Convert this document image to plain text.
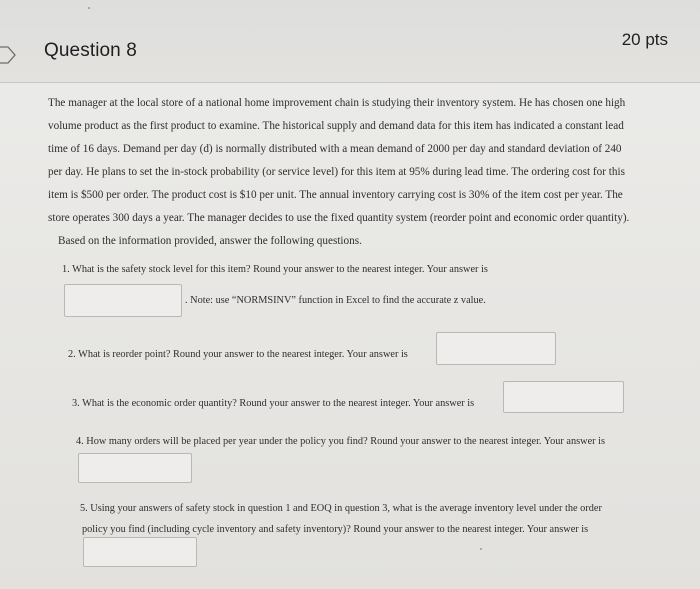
Question 8
20 pts
The manager at the local store of a national home improvement chain is studying their inventory system. He has chosen one high
volume product as the first product to examine. The historical supply and demand data for this item has indicated a constant lead
time of 16 days. Demand per day (d) is normally distributed with a mean demand of 2000 per day and standard deviation of 240
per day. He plans to set the in-stock probability (or service level) for this item at 95% during lead time. The ordering cost for this
item is $500 per order. The product cost is $10 per unit. The annual inventory carrying cost is 30% of the item cost per year. The
store operates 300 days a year. The manager decides to use the fixed quantity system (reorder point and economic order quantity).
Based on the information provided, answer the following questions.
1. What is the safety stock level for this item? Round your answer to the nearest integer. Your answer is
. Note: use “NORMSINV” function in Excel to find the accurate z value.
2. What is reorder point? Round your answer to the nearest integer. Your answer is
3. What is the economic order quantity? Round your answer to the nearest integer. Your answer is
4. How many orders will be placed per year under the policy you find? Round your answer to the nearest integer. Your answer is
5. Using your answers of safety stock in question 1 and EOQ in question 3, what is the average inventory level under the order
policy you find (including cycle inventory and safety inventory)? Round your answer to the nearest integer. Your answer is
